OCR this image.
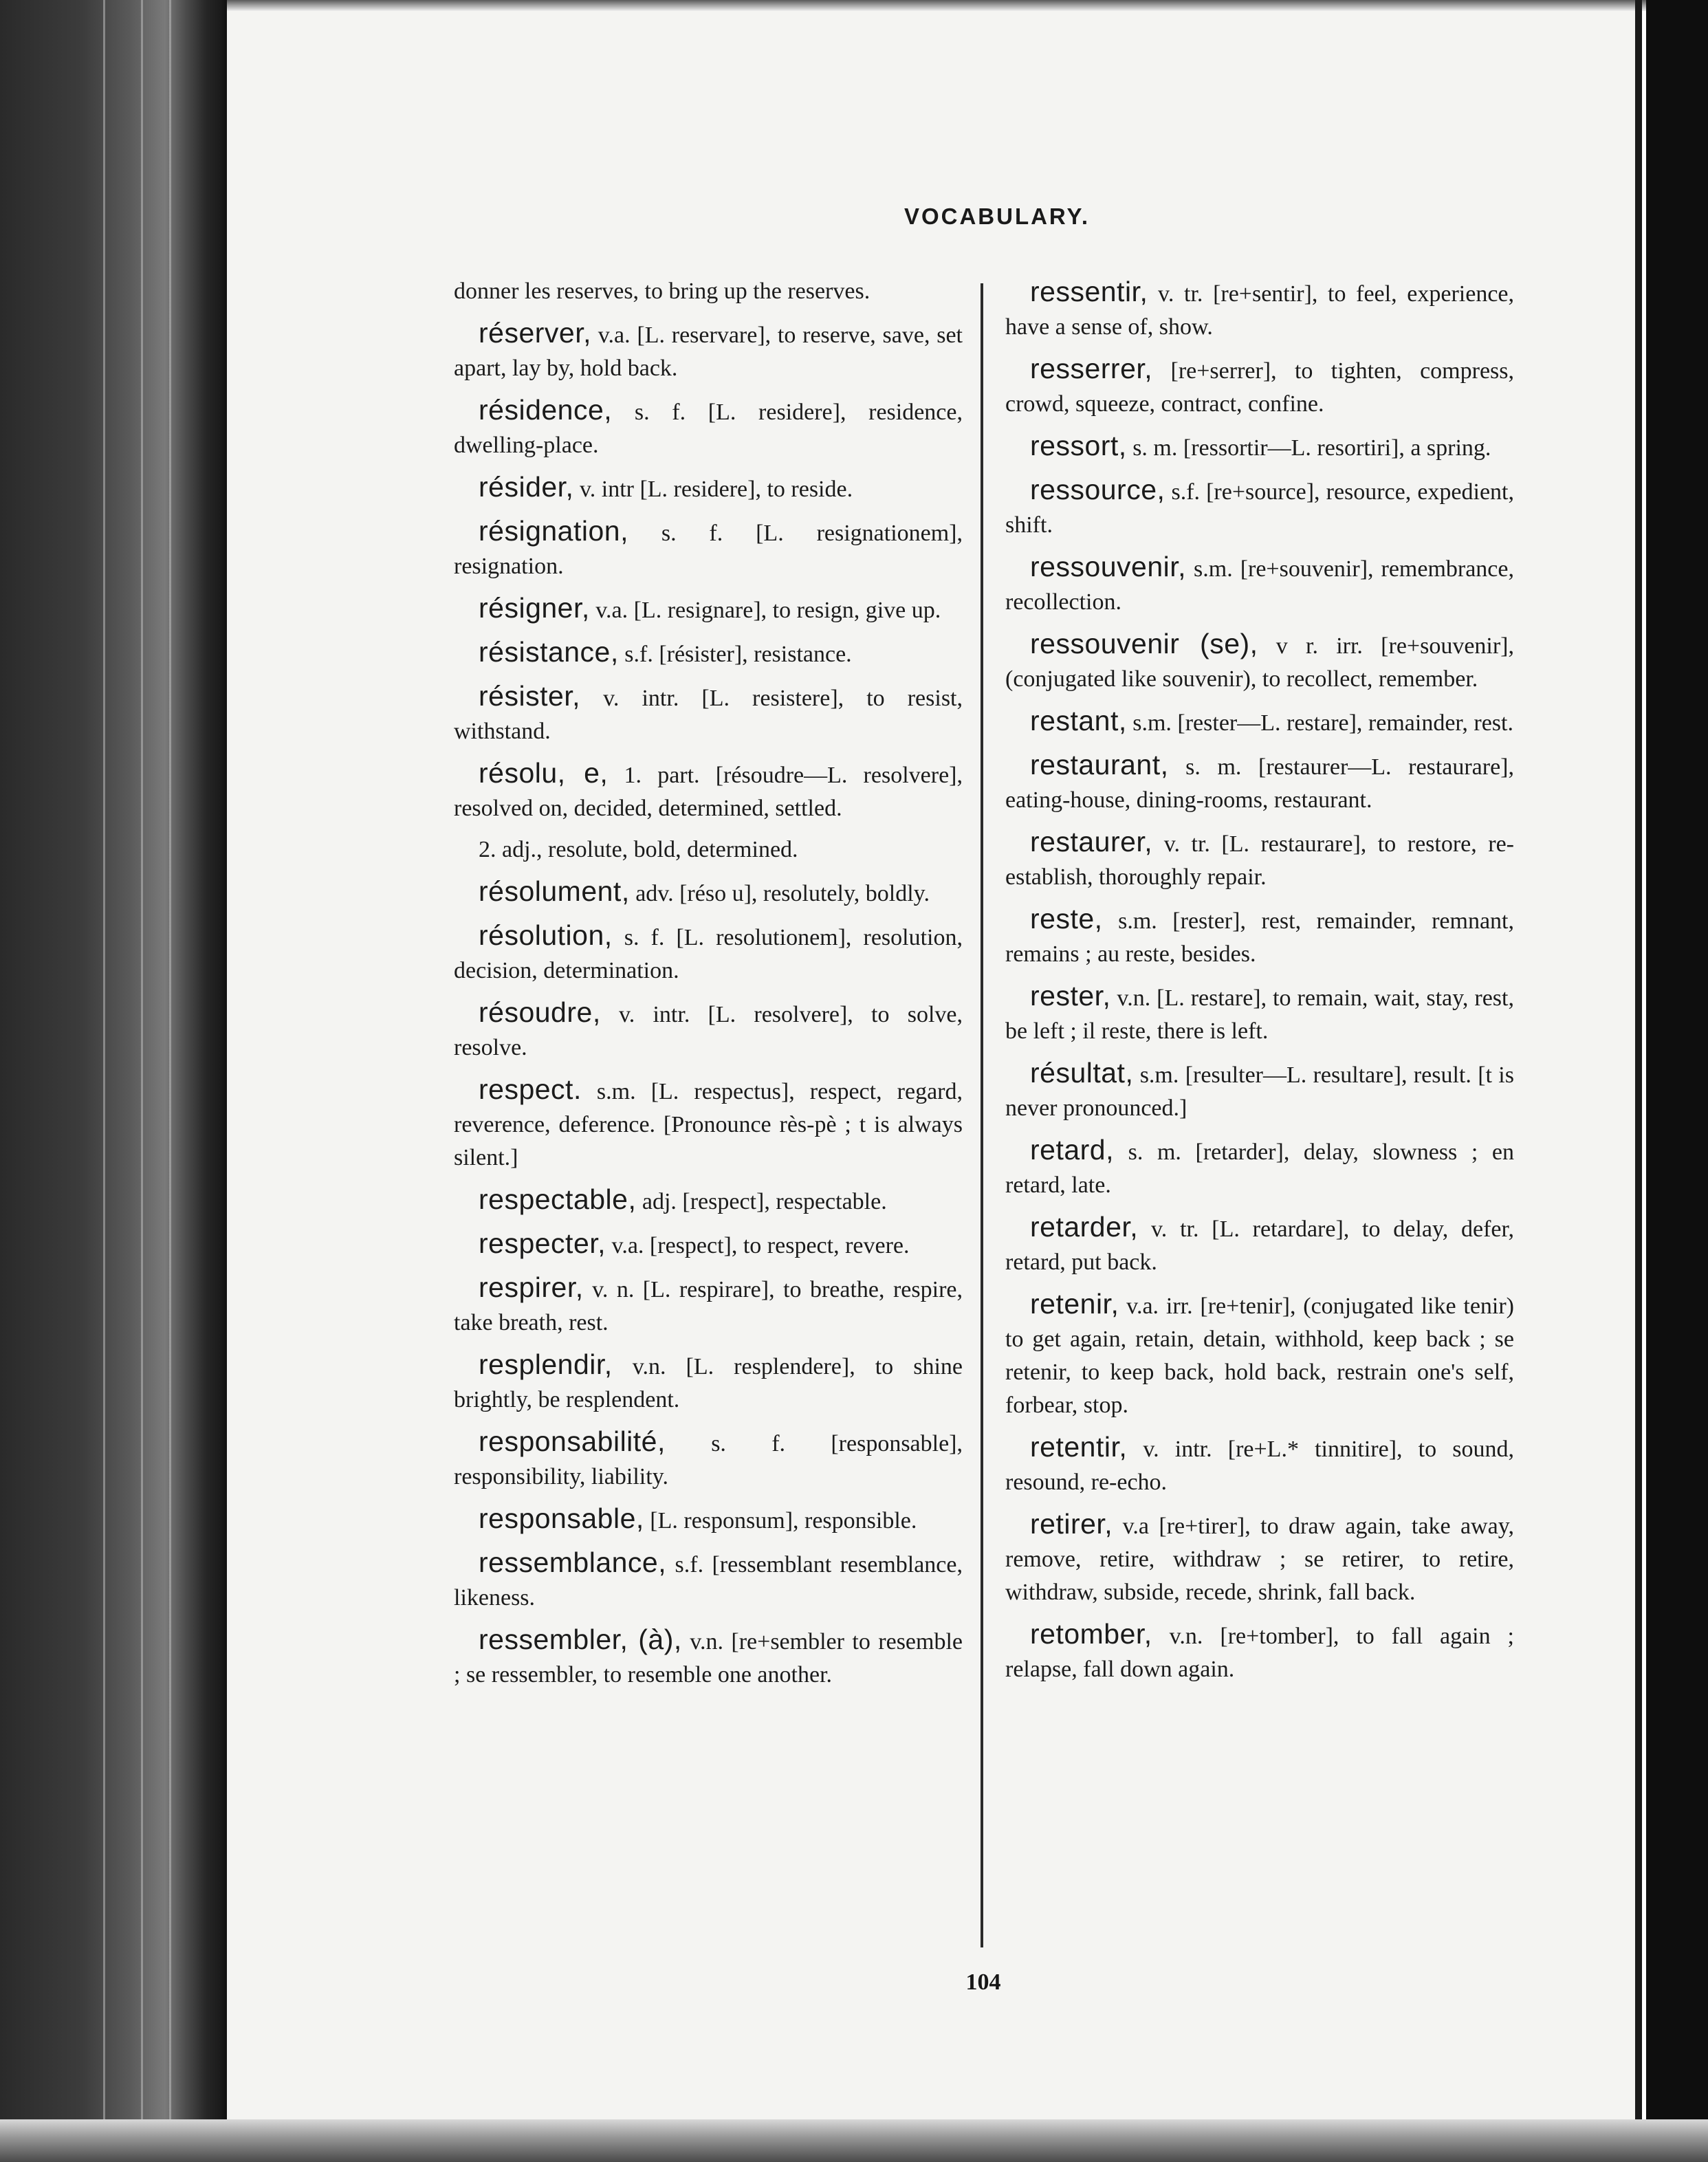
VOCABULARY.

donner les reserves, to bring up the reserves.

réserver, v.a. [L. reservare], to reserve, save, set apart, lay by, hold back.

résidence, s. f. [L. residere], residence, dwelling-place.

résider, v. intr [L. residere], to reside.

résignation, s. f. [L. resignationem], resignation.

résigner, v.a. [L. resignare], to resign, give up.

résistance, s.f. [résister], resistance.

résister, v. intr. [L. resistere], to resist, withstand.

résolu, e, 1. part. [résoudre—L. resolvere], resolved on, decided, determined, settled.

2. adj., resolute, bold, determined.

résolument, adv. [réso u], resolutely, boldly.

résolution, s. f. [L. resolutionem], resolution, decision, determination.

résoudre, v. intr. [L. resolvere], to solve, resolve.

respect. s.m. [L. respectus], respect, regard, reverence, deference. [Pronounce rès-pè ; t is always silent.]

respectable, adj. [respect], respectable.

respecter, v.a. [respect], to respect, revere.

respirer, v. n. [L. respirare], to breathe, respire, take breath, rest.

resplendir, v.n. [L. resplendere], to shine brightly, be resplendent.

responsabilité, s. f. [responsable], responsibility, liability.

responsable, [L. responsum], responsible.

ressemblance, s.f. [ressemblant resemblance, likeness.

ressembler, (à), v.n. [re+sembler to resemble ; se ressembler, to resemble one another.

ressentir, v. tr. [re+sentir], to feel, experience, have a sense of, show.

resserrer, [re+serrer], to tighten, compress, crowd, squeeze, contract, confine.

ressort, s. m. [ressortir—L. resortiri], a spring.

ressource, s.f. [re+source], resource, expedient, shift.

ressouvenir, s.m. [re+souvenir], remembrance, recollection.

ressouvenir (se), v r. irr. [re+souvenir], (conjugated like souvenir), to recollect, remember.

restant, s.m. [rester—L. restare], remainder, rest.

restaurant, s. m. [restaurer—L. restaurare], eating-house, dining-rooms, restaurant.

restaurer, v. tr. [L. restaurare], to restore, re-establish, thoroughly repair.

reste, s.m. [rester], rest, remainder, remnant, remains ; au reste, besides.

rester, v.n. [L. restare], to remain, wait, stay, rest, be left ; il reste, there is left.

résultat, s.m. [resulter—L. resultare], result. [t is never pronounced.]

retard, s. m. [retarder], delay, slowness ; en retard, late.

retarder, v. tr. [L. retardare], to delay, defer, retard, put back.

retenir, v.a. irr. [re+tenir], (conjugated like tenir) to get again, retain, detain, withhold, keep back ; se retenir, to keep back, hold back, restrain one's self, forbear, stop.

retentir, v. intr. [re+L.* tinnitire], to sound, resound, re-echo.

retirer, v.a [re+tirer], to draw again, take away, remove, retire, withdraw ; se retirer, to retire, withdraw, subside, recede, shrink, fall back.

retomber, v.n. [re+tomber], to fall again ; relapse, fall down again.

104
